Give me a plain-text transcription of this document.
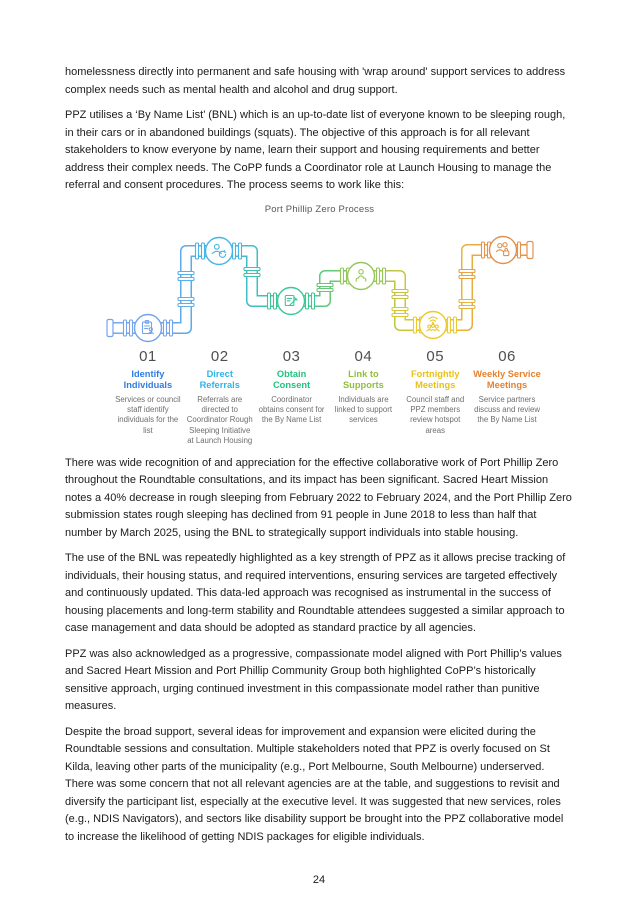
homelessness directly into permanent and safe housing with 'wrap around' support services to address complex needs such as mental health and alcohol and drug support.

PPZ utilises a ‘By Name List’ (BNL) which is an up-to-date list of everyone known to be sleeping rough, in their cars or in abandoned buildings (squats). The objective of this approach is for all relevant stakeholders to know everyone by name, learn their support and housing requirements and better address their complex needs. The CoPP funds a Coordinator role at Launch Housing to manage the referral and consent procedures. The process seems to work like this:

Port Phillip Zero Process
01
Identify Individuals
Services or council staff identify individuals for the list
02
Direct Referrals
Referrals are directed to Coordinator Rough Sleeping Initiative at Launch Housing
03
Obtain Consent
Coordinator obtains consent for the By Name List
04
Link to Supports
Individuals are linked to support services
05
Fortnightly Meetings
Council staff and PPZ members review hotspot areas
06
Weekly Service Meetings
Service partners discuss and review the By Name List

There was wide recognition of and appreciation for the effective collaborative work of Port Phillip Zero throughout the Roundtable consultations, and its impact has been significant. Sacred Heart Mission notes a 40% decrease in rough sleeping from February 2022 to February 2024, and the Port Phillip Zero submission states rough sleeping has declined from 91 people in June 2018 to less than half that number by March 2025, using the BNL to strategically support individuals into stable housing.

The use of the BNL was repeatedly highlighted as a key strength of PPZ as it allows precise tracking of individuals, their housing status, and required interventions, ensuring services are targeted effectively and continuously updated. This data-led approach was recognised as instrumental in the success of housing placements and long-term stability and Roundtable attendees suggested a similar approach to case management and data should be adopted as standard practice by all agencies.

PPZ was also acknowledged as a progressive, compassionate model aligned with Port Phillip’s values and Sacred Heart Mission and Port Phillip Community Group both highlighted CoPP’s historically sensitive approach, urging continued investment in this compassionate model rather than punitive measures.

Despite the broad support, several ideas for improvement and expansion were elicited during the Roundtable sessions and consultation. Multiple stakeholders noted that PPZ is overly focused on St Kilda, leaving other parts of the municipality (e.g., Port Melbourne, South Melbourne) underserved. There was some concern that not all relevant agencies are at the table, and suggestions to revisit and diversify the participant list, especially at the executive level. It was suggested that new services, roles (e.g., NDIS Navigators), and sectors like disability support be brought into the PPZ collaborative model to increase the likelihood of getting NDIS packages for eligible individuals.

24
